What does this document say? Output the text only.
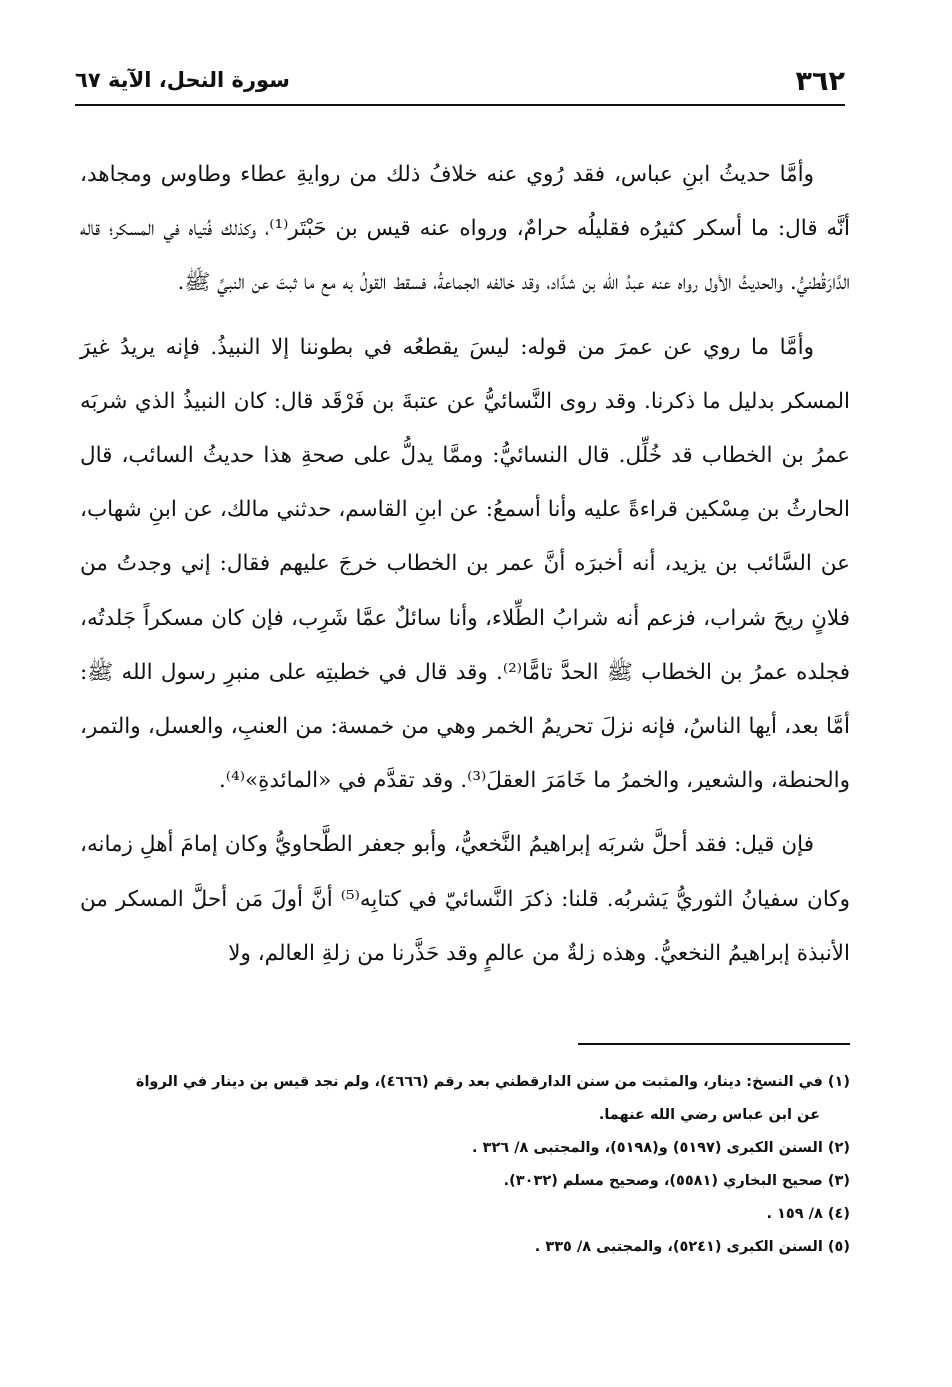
سورة النحل، الآية ٦٧	٣٦٢

وأمَّا حديثُ ابنِ عباس، فقد رُوي عنه خلافُ ذلك من روايةِ عطاء وطاوس ومجاهد، أنَّه قال: ما أسكر كثيرُه فقليلُه حرامٌ، ورواه عنه قيس بن حَبْتَر⁽¹⁾، وكذلك فُتياه في المسكر؛ قاله الدَّارَقُطنيُّ. والحديثُ الأول رواه عنه عبدُ الله بن شدَّاد، وقد خالفه الجماعةُ، فسقط القولُ به مع ما ثبتَ عن النبيِّ ﷺ.

وأمَّا ما روي عن عمرَ من قوله: ليسَ يقطعُه في بطوننا إلا النبيذُ. فإنه يريدُ غيرَ المسكر بدليل ما ذكرنا. وقد روى النَّسائيُّ عن عتبةَ بن فَرْقَد قال: كان النبيذُ الذي شربَه عمرُ بن الخطاب قد خُلِّل. قال النسائيُّ: وممَّا يدلُّ على صحةِ هذا حديثُ السائب، قال الحارثُ بن مِسْكين قراءةً عليه وأنا أسمعُ: عن ابنِ القاسم، حدثني مالك، عن ابنِ شهاب، عن السَّائب بن يزيد، أنه أخبرَه أنَّ عمر بن الخطاب خرجَ عليهم فقال: إني وجدتُ من فلانٍ ريحَ شراب، فزعم أنه شرابُ الطِّلاء، وأنا سائلٌ عمَّا شَرِب، فإن كان مسكراً جَلدتُه، فجلده عمرُ بن الخطاب ﷺ الحدَّ تامًّا⁽²⁾. وقد قال في خطبتِه على منبرِ رسول الله ﷺ: أمَّا بعد، أيها الناسُ، فإنه نزلَ تحريمُ الخمر وهي من خمسة: من العنبِ، والعسل، والتمر، والحنطة، والشعير، والخمرُ ما خَامَرَ العقلَ⁽³⁾. وقد تقدَّم في «المائدةِ»⁽⁴⁾.

فإن قيل: فقد أحلَّ شربَه إبراهيمُ النَّخعيُّ، وأبو جعفر الطَّحاويُّ وكان إمامَ أهلِ زمانه، وكان سفيانُ الثوريُّ يَشربُه. قلنا: ذكرَ النَّسائيّ في كتابِه⁽⁵⁾ أنَّ أولَ مَن أحلَّ المسكر من الأنبذة إبراهيمُ النخعيُّ. وهذه زلةٌ من عالمٍ وقد حَذَّرنا من زلةِ العالم، ولا

(١) في النسخ: دينار، والمثبت من سنن الدارقطني بعد رقم (٤٦٦٦)، ولم نجد قيس بن دينار في الرواة

عن ابن عباس رضي الله عنهما.

(٢) السنن الكبرى (٥١٩٧) و(٥١٩٨)، والمجتبى ٨/ ٣٢٦ .

(٣) صحيح البخاري (٥٥٨١)، وصحيح مسلم (٣٠٣٢).

(٤) ٨/ ١٥٩ .

(٥) السنن الكبرى (٥٢٤١)، والمجتبى ٨/ ٣٣٥ .
